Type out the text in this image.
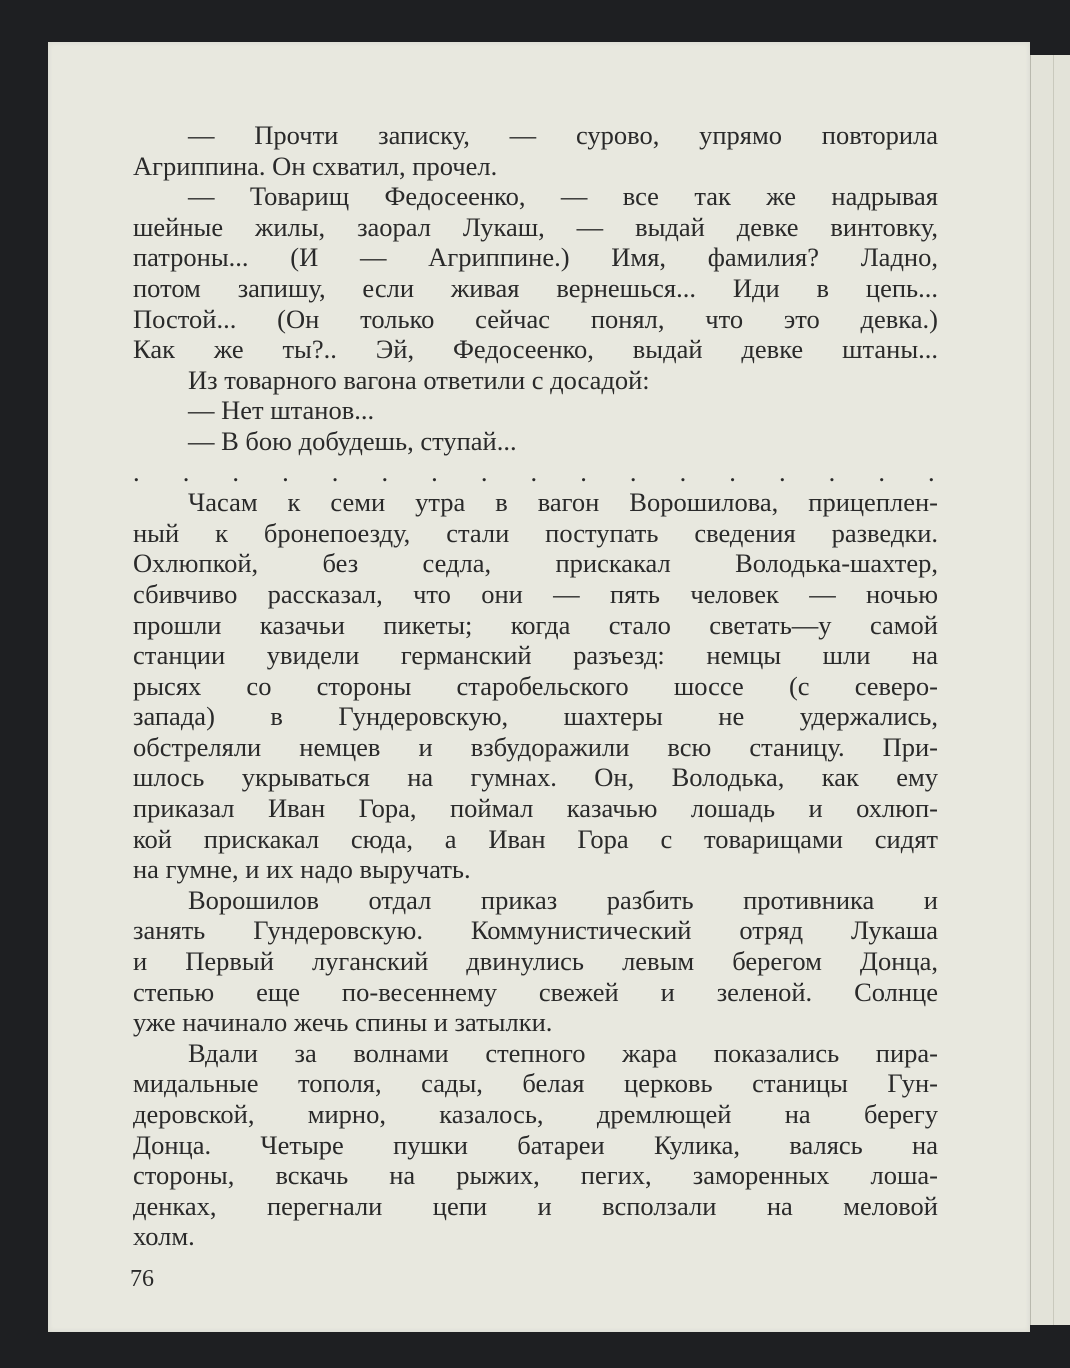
— Прочти записку, — сурово, упрямо повторила
Агриппина. Он схватил, прочел.
— Товарищ Федосеенко, — все так же надрывая
шейные жилы, заорал Лукаш, — выдай девке винтовку,
патроны... (И — Агриппине.) Имя, фамилия? Ладно,
потом запишу, если живая вернешься... Иди в цепь...
Постой... (Он только сейчас понял, что это девка.)
Как же ты?.. Эй, Федосеенко, выдай девке штаны...
Из товарного вагона ответили с досадой:
— Нет штанов...
— В бою добудешь, ступай...
. . . . . . . . . . . . . . . . .
Часам к семи утра в вагон Ворошилова, прицеплен-
ный к бронепоезду, стали поступать сведения разведки.
Охлюпкой, без седла, прискакал Володька-шахтер,
сбивчиво рассказал, что они — пять человек — ночью
прошли казачьи пикеты; когда стало светать—у самой
станции увидели германский разъезд: немцы шли на
рысях со стороны старобельского шоссе (с северо-
запада) в Гундеровскую, шахтеры не удержались,
обстреляли немцев и взбудоражили всю станицу. При-
шлось укрываться на гумнах. Он, Володька, как ему
приказал Иван Гора, поймал казачью лошадь и охлюп-
кой прискакал сюда, а Иван Гора с товарищами сидят
на гумне, и их надо выручать.
Ворошилов отдал приказ разбить противника и
занять Гундеровскую. Коммунистический отряд Лукаша
и Первый луганский двинулись левым берегом Донца,
степью еще по-весеннему свежей и зеленой. Солнце
уже начинало жечь спины и затылки.
Вдали за волнами степного жара показались пира-
мидальные тополя, сады, белая церковь станицы Гун-
деровской, мирно, казалось, дремлющей на берегу
Донца. Четыре пушки батареи Кулика, валясь на
стороны, вскачь на рыжих, пегих, заморенных лоша-
денках, перегнали цепи и всползали на меловой
холм.
76
